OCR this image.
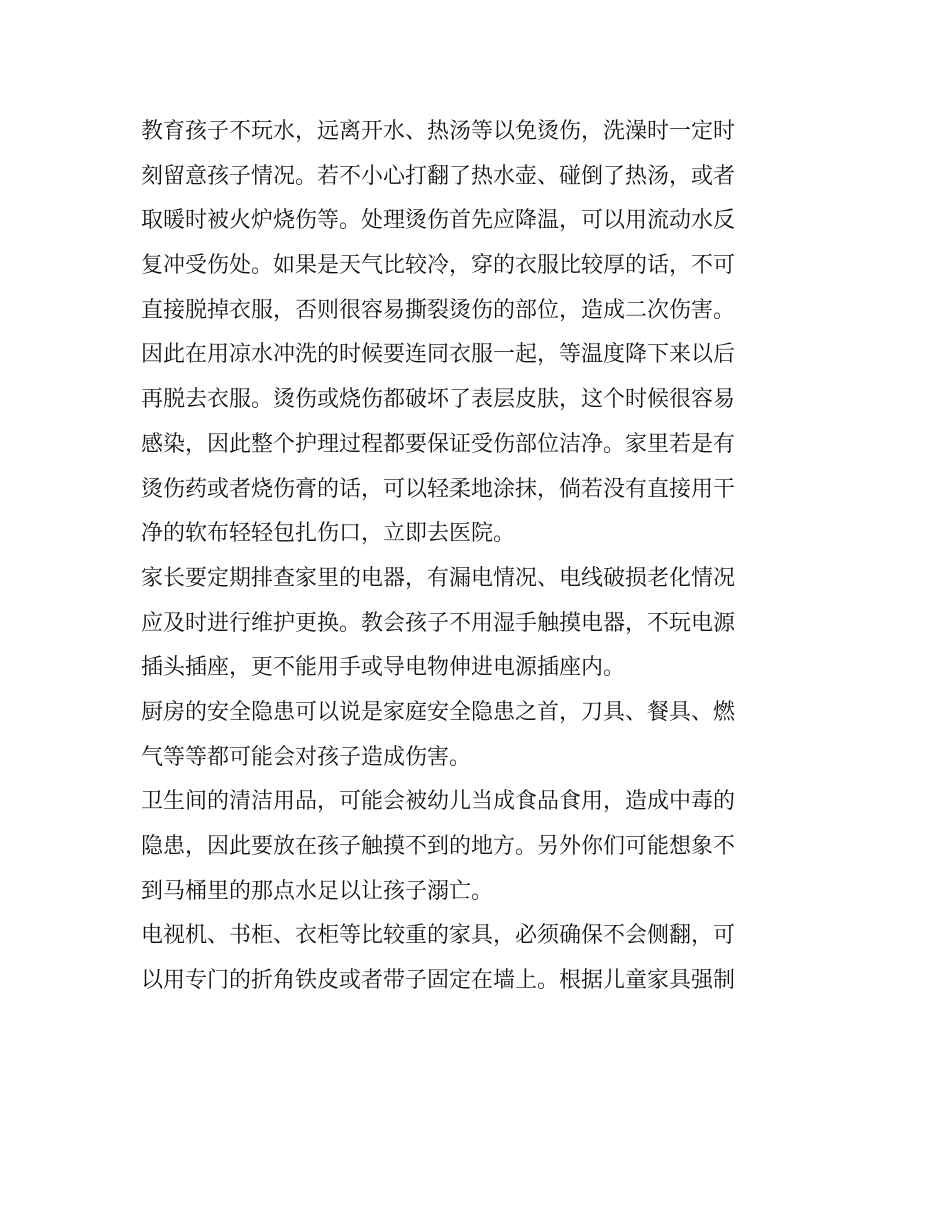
教育孩子不玩水，远离开水、热汤等以免烫伤，洗澡时一定时
刻留意孩子情况。若不小心打翻了热水壶、碰倒了热汤，或者
取暖时被火炉烧伤等。处理烫伤首先应降温，可以用流动水反
复冲受伤处。如果是天气比较冷，穿的衣服比较厚的话，不可
直接脱掉衣服，否则很容易撕裂烫伤的部位，造成二次伤害。
因此在用凉水冲洗的时候要连同衣服一起，等温度降下来以后
再脱去衣服。烫伤或烧伤都破坏了表层皮肤，这个时候很容易
感染，因此整个护理过程都要保证受伤部位洁净。家里若是有
烫伤药或者烧伤膏的话，可以轻柔地涂抹，倘若没有直接用干
净的软布轻轻包扎伤口，立即去医院。
家长要定期排查家里的电器，有漏电情况、电线破损老化情况
应及时进行维护更换。教会孩子不用湿手触摸电器，不玩电源
插头插座，更不能用手或导电物伸进电源插座内。
厨房的安全隐患可以说是家庭安全隐患之首，刀具、餐具、燃
气等等都可能会对孩子造成伤害。
卫生间的清洁用品，可能会被幼儿当成食品食用，造成中毒的
隐患，因此要放在孩子触摸不到的地方。另外你们可能想象不
到马桶里的那点水足以让孩子溺亡。
电视机、书柜、衣柜等比较重的家具，必须确保不会侧翻，可
以用专门的折角铁皮或者带子固定在墙上。根据儿童家具强制
